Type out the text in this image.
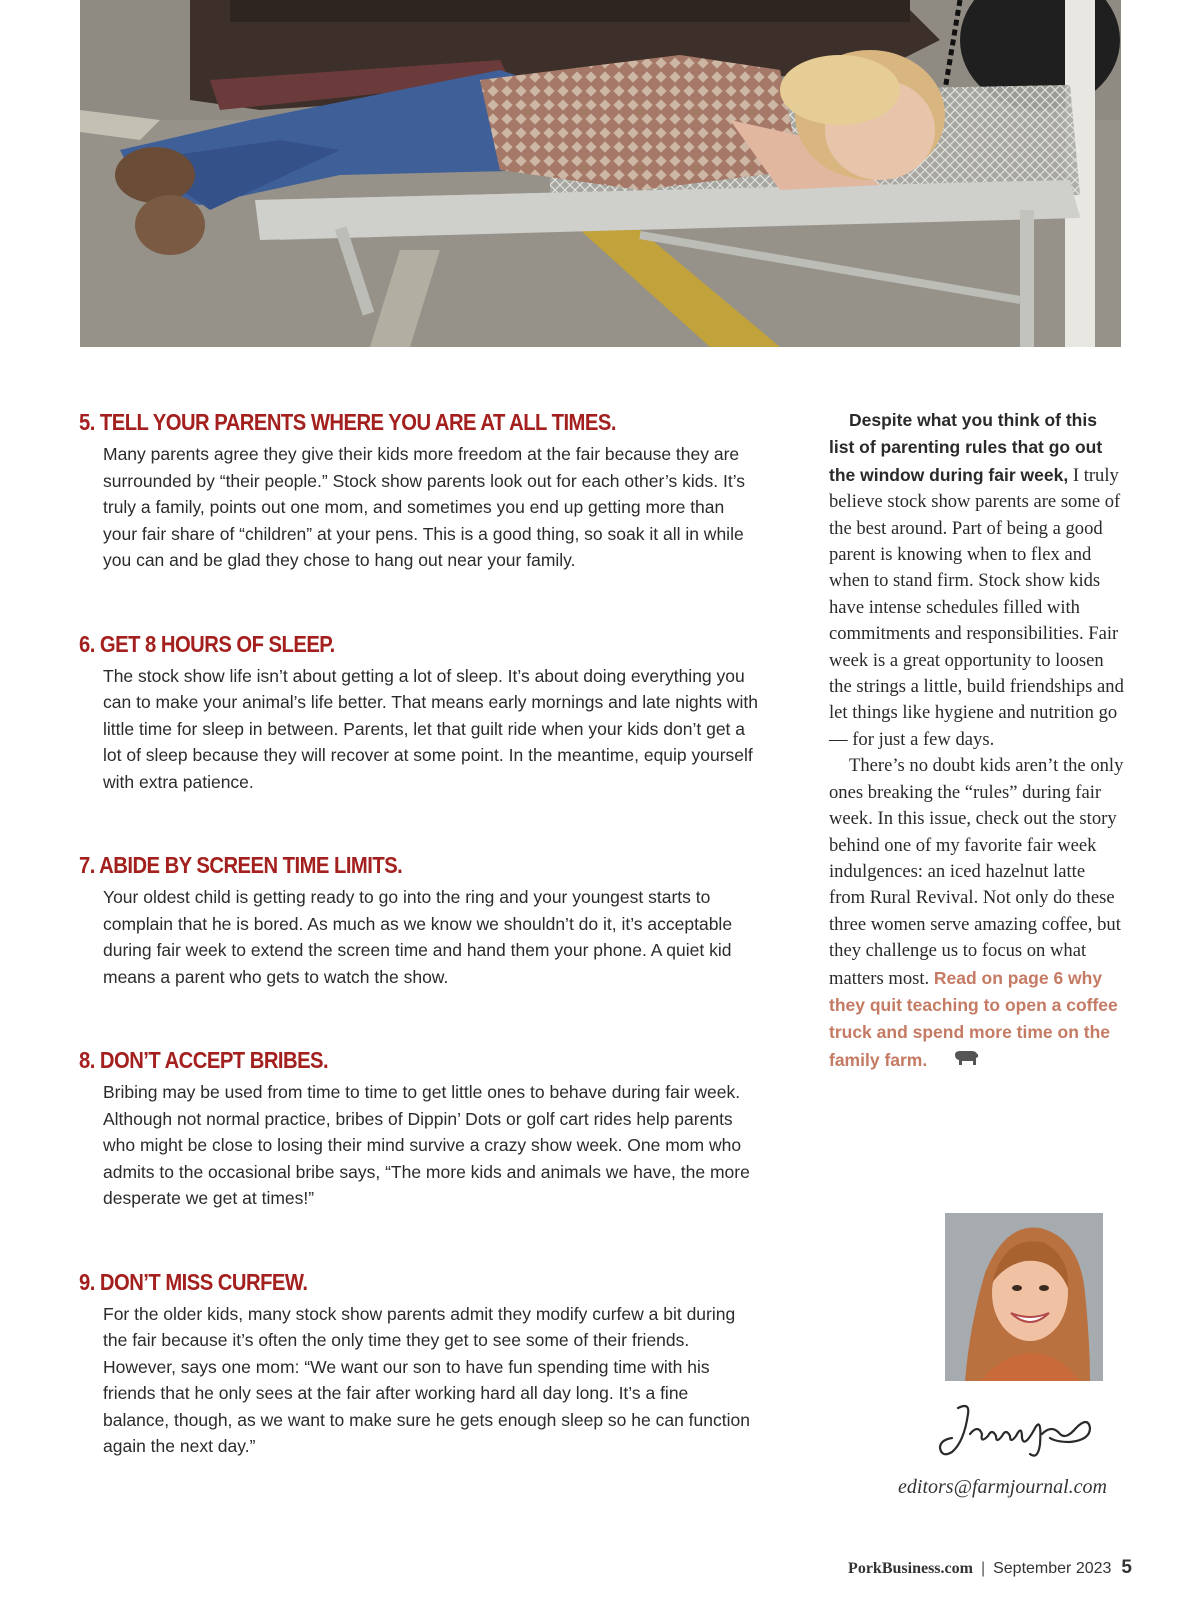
5. TELL YOUR PARENTS WHERE YOU ARE AT ALL TIMES.

Many parents agree they give their kids more freedom at the fair because they are surrounded by “their people.” Stock show parents look out for each other’s kids. It’s truly a family, points out one mom, and sometimes you end up getting more than your fair share of “children” at your pens. This is a good thing, so soak it all in while you can and be glad they chose to hang out near your family.

6. GET 8 HOURS OF SLEEP.

The stock show life isn’t about getting a lot of sleep. It’s about doing everything you can to make your animal’s life better. That means early mornings and late nights with little time for sleep in between. Parents, let that guilt ride when your kids don’t get a lot of sleep because they will recover at some point. In the meantime, equip yourself with extra patience.

7. ABIDE BY SCREEN TIME LIMITS.

Your oldest child is getting ready to go into the ring and your youngest starts to complain that he is bored. As much as we know we shouldn’t do it, it’s acceptable during fair week to extend the screen time and hand them your phone. A quiet kid means a parent who gets to watch the show.

8. DON’T ACCEPT BRIBES.

Bribing may be used from time to time to get little ones to behave during fair week. Although not normal practice, bribes of Dippin’ Dots or golf cart rides help parents who might be close to losing their mind survive a crazy show week. One mom who admits to the occasional bribe says, “The more kids and animals we have, the more desperate we get at times!”

9. DON’T MISS CURFEW.

For the older kids, many stock show parents admit they modify curfew a bit during the fair because it’s often the only time they get to see some of their friends. However, says one mom: “We want our son to have fun spending time with his friends that he only sees at the fair after working hard all day long. It’s a fine balance, though, as we want to make sure he gets enough sleep so he can function again the next day.”

Despite what you think of this list of parenting rules that go out the window during fair week, I truly believe stock show parents are some of the best around. Part of being a good parent is knowing when to flex and when to stand firm. Stock show kids have intense schedules filled with commitments and responsibilities. Fair week is a great opportunity to loosen the strings a little, build friendships and let things like hygiene and nutrition go — for just a few days.

There’s no doubt kids aren’t the only ones breaking the “rules” during fair week. In this issue, check out the story behind one of my favorite fair week indulgences: an iced hazelnut latte from Rural Revival. Not only do these three women serve amazing coffee, but they challenge us to focus on what matters most. Read on page 6 why they quit teaching to open a coffee truck and spend more time on the family farm.

editors@farmjournal.com
PorkBusiness.com | September 2023 5
